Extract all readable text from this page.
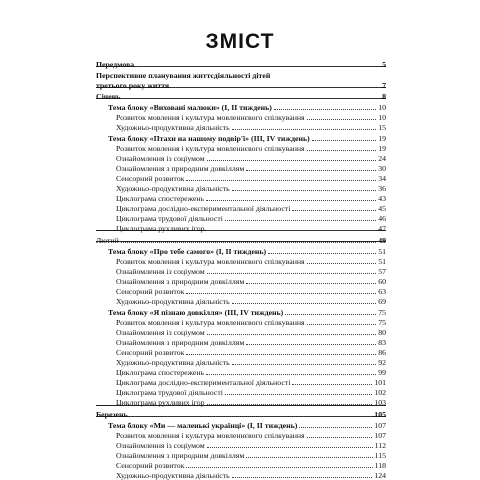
ЗМІСТ
Передмова	5
Перспективне планування життєдіяльності дітей
третього року життя	7
Січень	8
Тема блоку «Виховані малюки» (І, ІІ тиждень)	10
Розвиток мовлення і культура мовленнєвого спілкування	10
Художньо-продуктивна діяльність	15
Тема блоку «Птахи на нашому подвір'ї» (ІІІ, IV тиждень)	19
Розвиток мовлення і культура мовленнєвого спілкування	19
Ознайомлення із соціумом	24
Ознайомлення з природним довкіллям	30
Сенсорний розвиток	34
Художньо-продуктивна діяльність	36
Циклограма спостережень	43
Циклограма дослідно-експериментальної діяльності	45
Циклограма трудової діяльності	46
Циклограма рухливих ігор	47
Лютий	49
Тема блоку «Про тебе самого» (І, ІІ тиждень)	51
Розвиток мовлення і культура мовленнєвого спілкування	51
Ознайомлення із соціумом	57
Ознайомлення з природним довкіллям	60
Сенсорний розвиток	63
Художньо-продуктивна діяльність	69
Тема блоку «Я пізнаю довкілля» (ІІІ, IV тиждень)	75
Розвиток мовлення і культура мовленнєвого спілкування	75
Ознайомлення із соціумом	80
Ознайомлення з природним довкіллям	83
Сенсорний розвиток	86
Художньо-продуктивна діяльність	92
Циклограма спостережень	99
Циклограма дослідно-експериментальної діяльності	101
Циклограма трудової діяльності	102
Циклограма рухливих ігор	103
Березень	105
Тема блоку «Ми — маленькі українці» (І, ІІ тиждень)	107
Розвиток мовлення і культура мовленнєвого спілкування	107
Ознайомлення із соціумом	112
Ознайомлення з природним довкіллям	115
Сенсорний розвиток	118
Художньо-продуктивна діяльність	124
